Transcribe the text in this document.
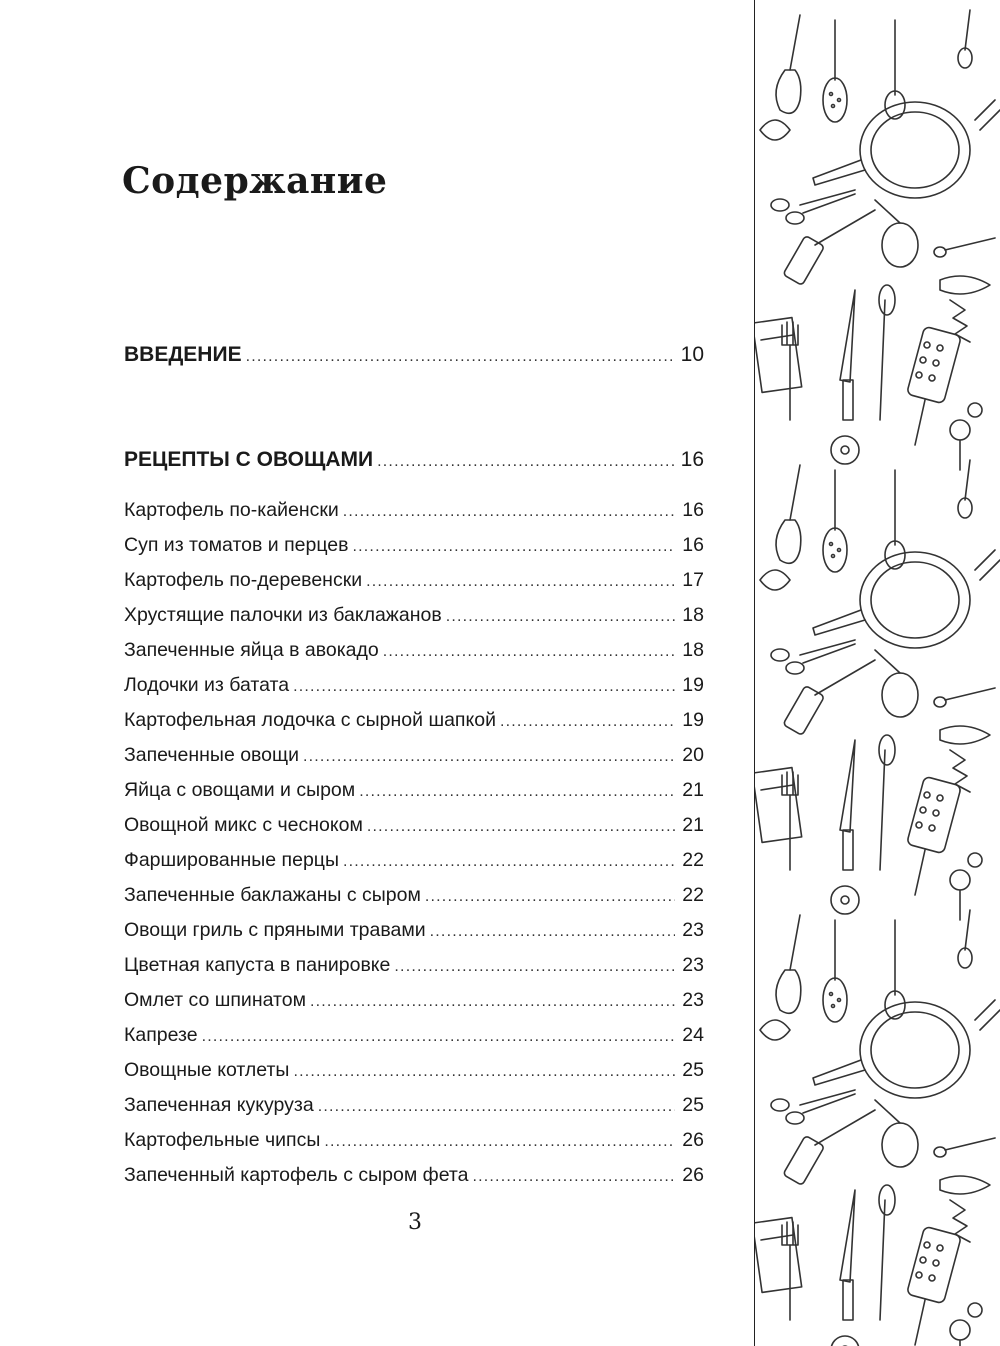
Содержание
ВВЕДЕНИЕ .....	10
РЕЦЕПТЫ С ОВОЩАМИ .....	16
Картофель по-кайенски .....	16
Суп из томатов и перцев .....	16
Картофель по-деревенски .....	17
Хрустящие палочки из баклажанов .....	18
Запеченные яйца в авокадо .....	18
Лодочки из батата .....	19
Картофельная лодочка с сырной шапкой .....	19
Запеченные овощи .....	20
Яйца с овощами и сыром .....	21
Овощной микс с чесноком .....	21
Фаршированные перцы .....	22
Запеченные баклажаны с сыром .....	22
Овощи гриль с пряными травами .....	23
Цветная капуста в панировке .....	23
Омлет со шпинатом .....	23
Капрезе .....	24
Овощные котлеты .....	25
Запеченная кукуруза .....	25
Картофельные чипсы .....	26
Запеченный картофель с сыром фета .....	26
3
